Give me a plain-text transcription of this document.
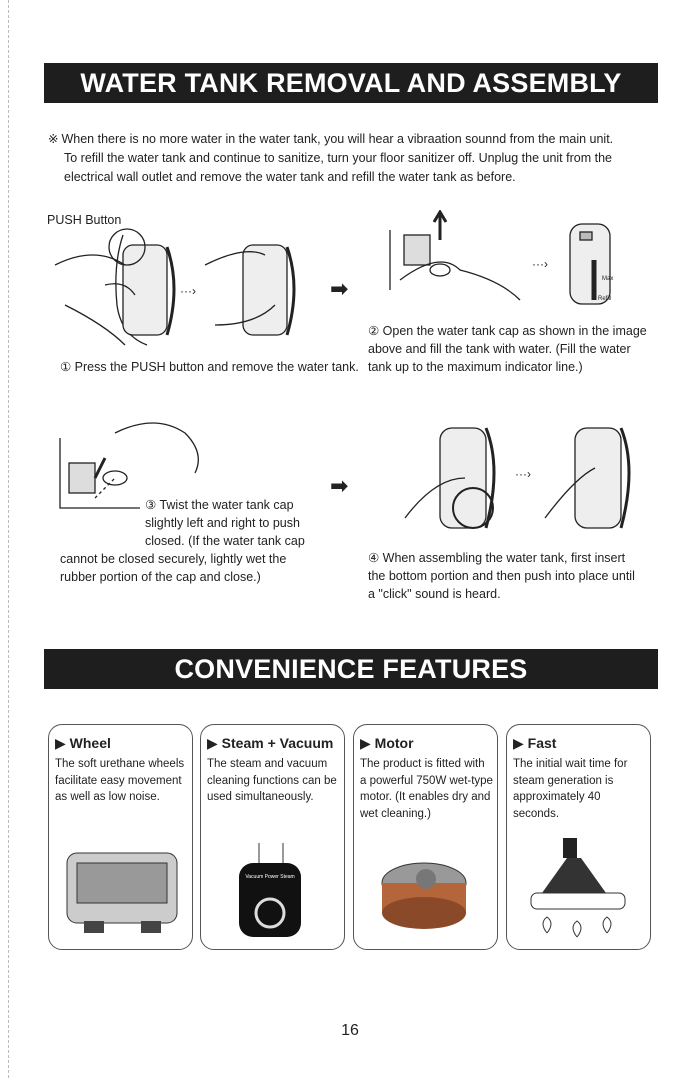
WATER TANK REMOVAL AND ASSEMBLY
※ When there is no more water in the water tank, you will hear a vibraation sounnd from the main unit.
To refill the water tank and continue to sanitize, turn your floor sanitizer off. Unplug the unit from the
electrical wall outlet and remove the water tank and refill the water tank as before.
PUSH Button
···›	➡
① Press the PUSH button and remove the water tank.
···›
Max
Refill
② Open the water tank cap as shown in the image
above and fill the tank with water. (Fill the water
tank up to the maximum indicator line.)
➡
③ Twist the water tank cap
slightly left and right to push
closed. (If the water tank cap
cannot be closed securely, lightly wet the
rubber portion of the cap and close.)
···›
④ When assembling the water tank, first insert
the bottom portion and then push into place until
a "click" sound is heard.
CONVENIENCE FEATURES
▶ Wheel

The soft urethane wheels facilitate easy movement as well as low noise.

▶ Steam + Vacuum

The steam and vacuum cleaning functions can be used simultaneously.

Vacuum Power Steam
▶ Motor

The product is fitted with a powerful 750W wet-type motor. (It enables dry and wet cleaning.)

▶ Fast

The initial wait time for steam generation is approximately 40 seconds.

16
